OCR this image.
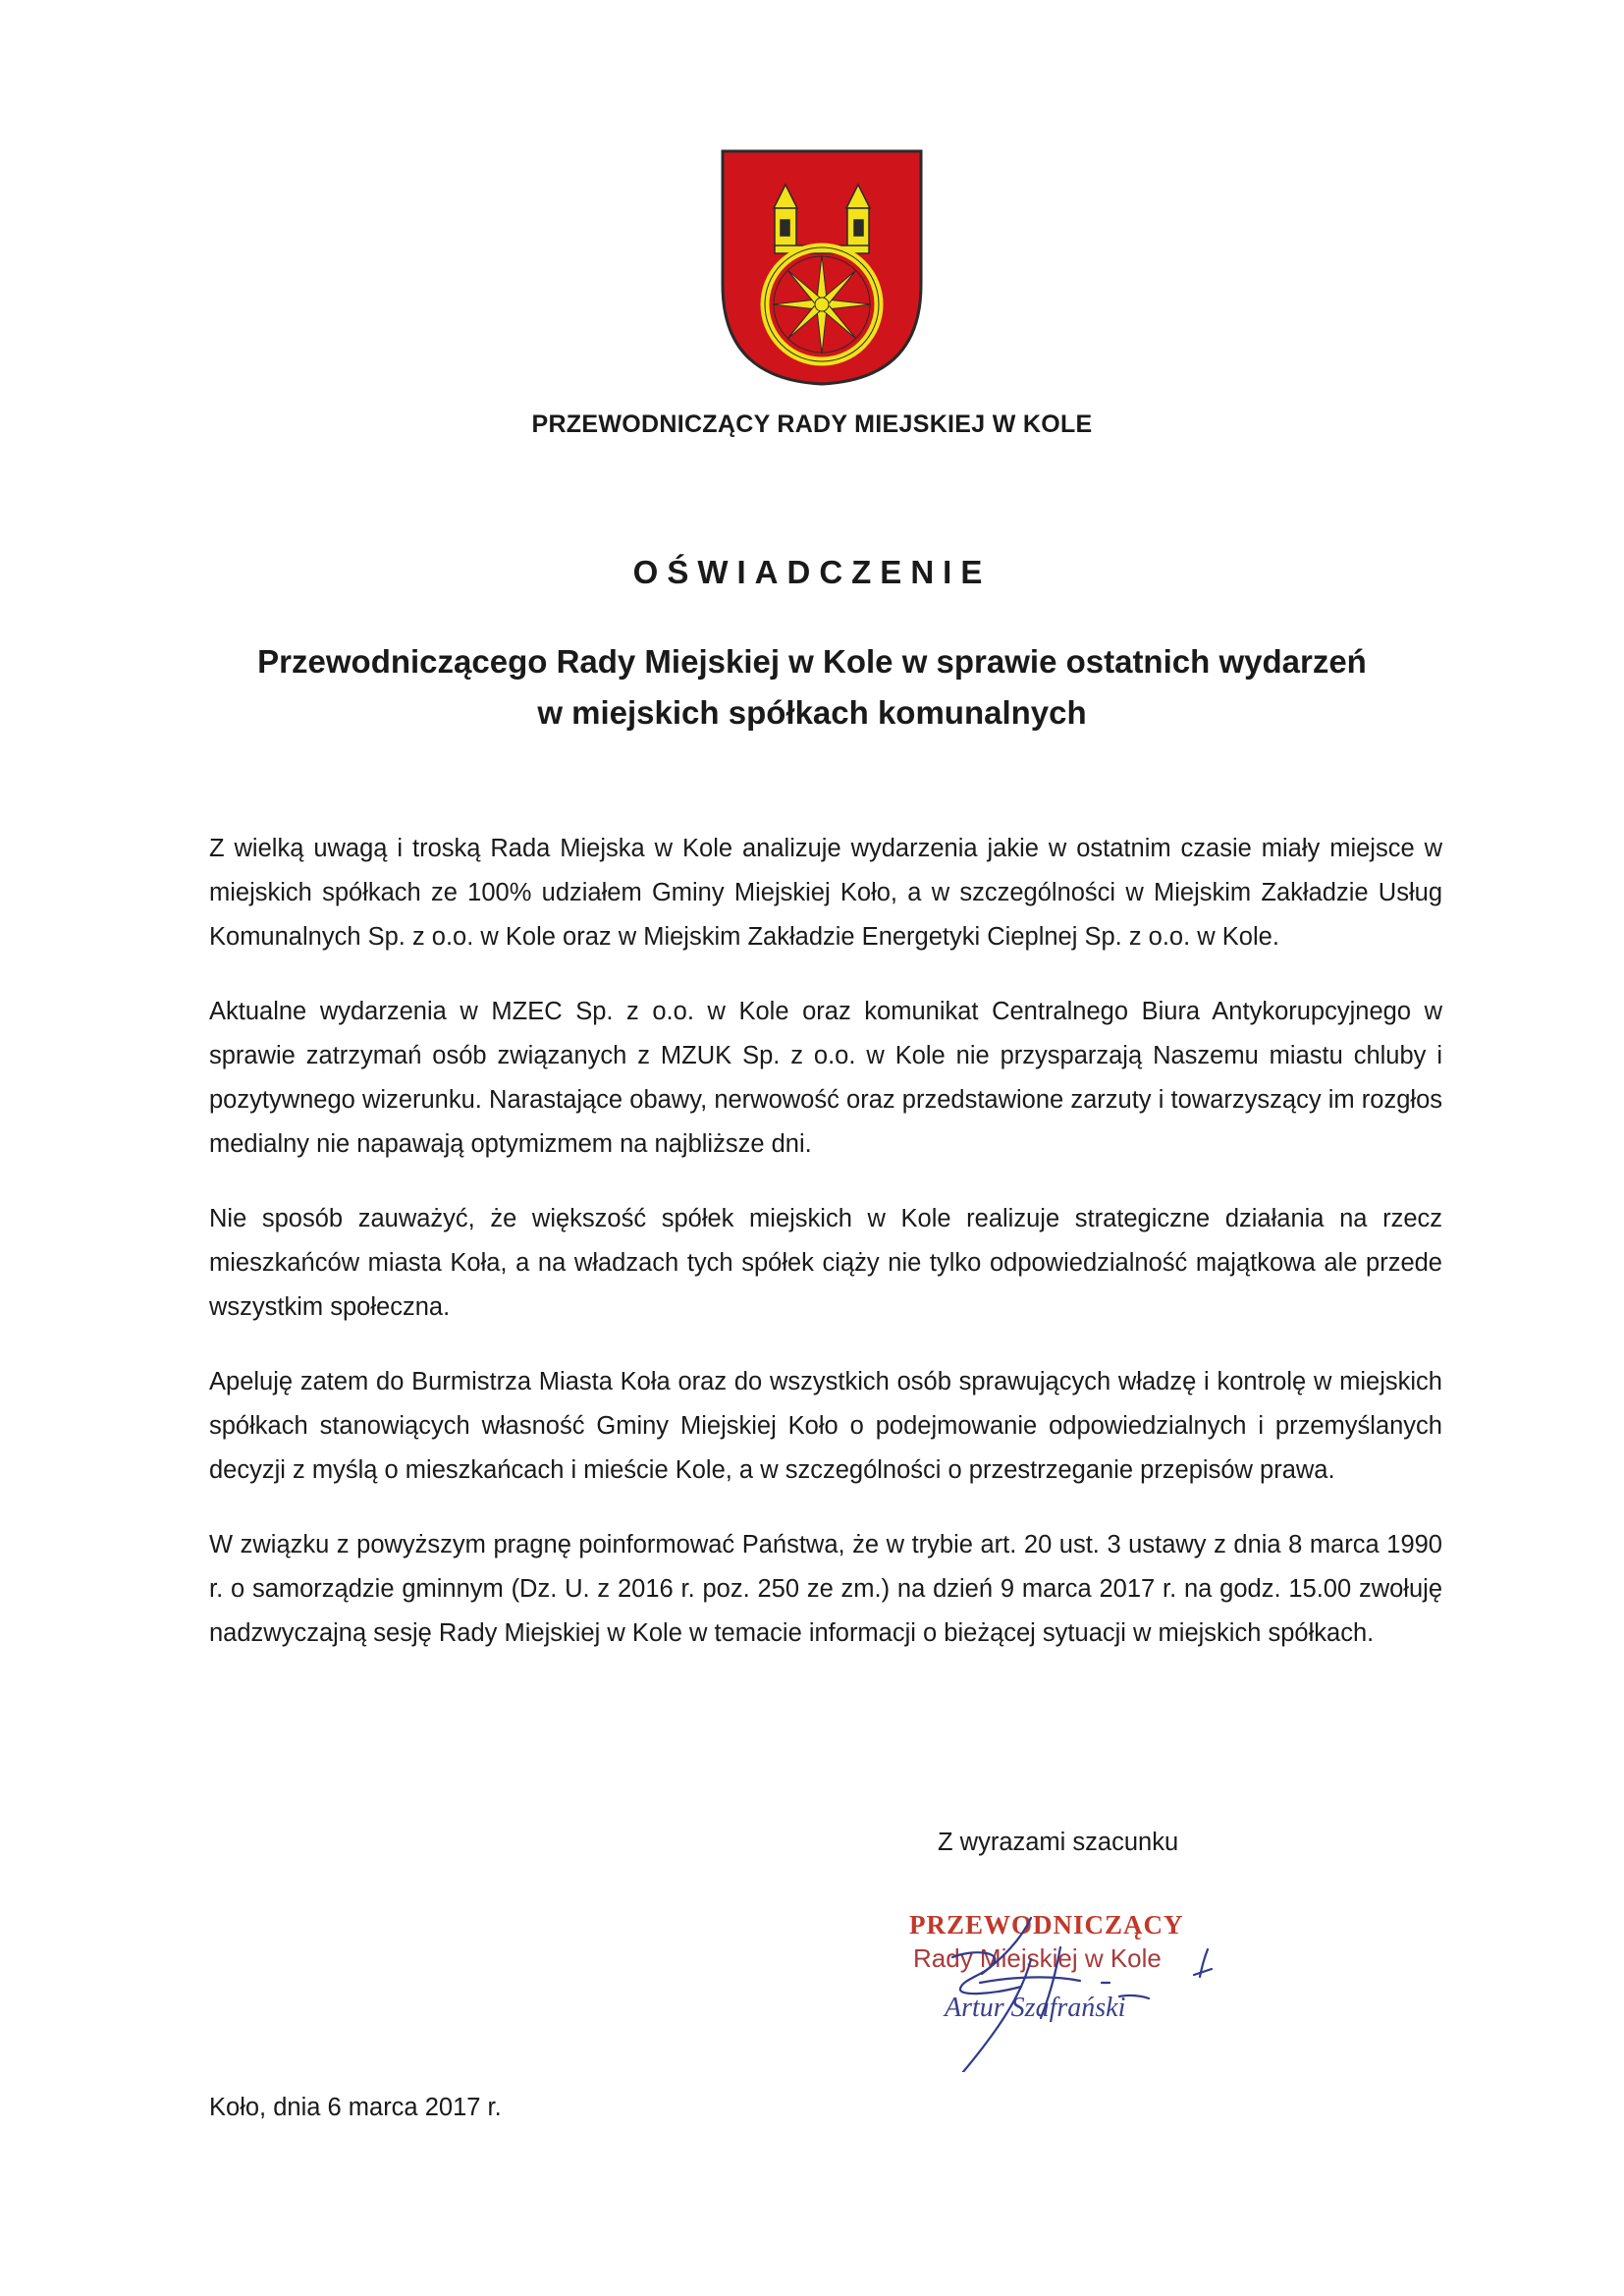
PRZEWODNICZĄCY RADY MIEJSKIEJ W KOLE
OŚWIADCZENIE
Przewodniczącego Rady Miejskiej w Kole w sprawie ostatnich wydarzeń
w miejskich spółkach komunalnych

Z wielką uwagą i troską Rada Miejska w Kole analizuje wydarzenia jakie w ostatnim czasie miały miejsce w miejskich spółkach ze 100% udziałem Gminy Miejskiej Koło, a w szczególności w Miejskim Zakładzie Usług Komunalnych Sp. z o.o. w Kole oraz w Miejskim Zakładzie Energetyki Cieplnej Sp. z o.o. w Kole.

Aktualne wydarzenia w MZEC Sp. z o.o. w Kole oraz komunikat Centralnego Biura Antykorupcyjnego w sprawie zatrzymań osób związanych z MZUK Sp. z o.o. w Kole nie przysparzają Naszemu miastu chluby i pozytywnego wizerunku. Narastające obawy, nerwowość oraz przedstawione zarzuty i towarzyszący im rozgłos medialny nie napawają optymizmem na najbliższe dni.

Nie sposób zauważyć, że większość spółek miejskich w Kole realizuje strategiczne działania na rzecz mieszkańców miasta Koła, a na władzach tych spółek ciąży nie tylko odpowiedzialność majątkowa ale przede wszystkim społeczna.

Apeluję zatem do Burmistrza Miasta Koła oraz do wszystkich osób sprawujących władzę i kontrolę w miejskich spółkach stanowiących własność Gminy Miejskiej Koło o podejmowanie odpowiedzialnych i przemyślanych decyzji z myślą o mieszkańcach i mieście Kole, a w szczególności o przestrzeganie przepisów prawa.

W związku z powyższym pragnę poinformować Państwa, że w trybie art. 20 ust. 3 ustawy z dnia 8 marca 1990 r. o samorządzie gminnym (Dz. U. z 2016 r. poz. 250 ze zm.) na dzień 9 marca 2017 r. na godz. 15.00 zwołuję nadzwyczajną sesję Rady Miejskiej w Kole w temacie informacji o bieżącej sytuacji w miejskich spółkach.

Z wyrazami szacunku
PRZEWODNICZĄCY
Rady Miejskiej w Kole
Artur Szafrański
Koło, dnia 6 marca 2017 r.
